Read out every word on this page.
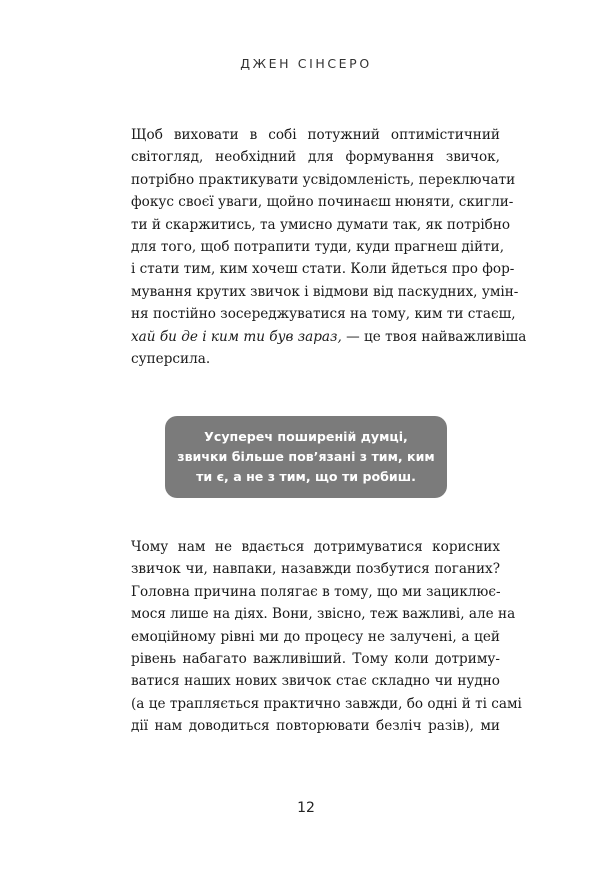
ДЖЕН СІНСЕРО
Щоб виховати в собі потужний оптимістичний
світогляд, необхідний для формування звичок,
потрібно практикувати усвідомленість, переключати
фокус своєї уваги, щойно починаєш нюняти, скигли-
ти й скаржитись, та умисно думати так, як потрібно
для того, щоб потрапити туди, куди прагнеш дійти,
і стати тим, ким хочеш стати. Коли йдеться про фор-
мування крутих звичок і відмови від паскудних, умін-
ня постійно зосереджуватися на тому, ким ти стаєш,
хай би де і ким ти був зараз, — це твоя найважливіша
суперсила.
Усупереч поширеній думці,
звички більше пов’язані з тим, ким
ти є, а не з тим, що ти робиш.
Чому нам не вдається дотримуватися корисних
звичок чи, навпаки, назавжди позбутися поганих?
Головна причина полягає в тому, що ми зациклює-
мося лише на діях. Вони, звісно, теж важливі, але на
емоційному рівні ми до процесу не залучені, а цей
рівень набагато важливіший. Тому коли дотриму-
ватися наших нових звичок стає складно чи нудно
(а це трапляється практично завжди, бо одні й ті самі
дії нам доводиться повторювати безліч разів), ми
12
